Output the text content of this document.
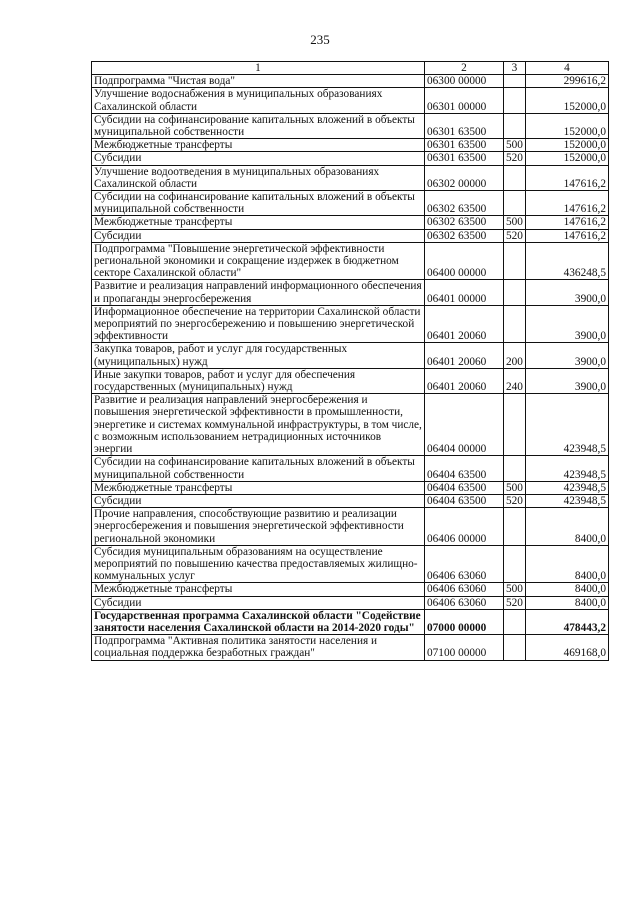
235
1	2	3	4
Подпрограмма "Чистая вода"	06300 00000		299616,2
Улучшение водоснабжения в муниципальных образованиях Сахалинской области	06301 00000		152000,0
Субсидии на софинансирование капитальных вложений в объекты муниципальной собственности	06301 63500		152000,0
Межбюджетные трансферты	06301 63500	500	152000,0
Субсидии	06301 63500	520	152000,0
Улучшение водоотведения в муниципальных образованиях Сахалинской области	06302 00000		147616,2
Субсидии на софинансирование капитальных вложений в объекты муниципальной собственности	06302 63500		147616,2
Межбюджетные трансферты	06302 63500	500	147616,2
Субсидии	06302 63500	520	147616,2
Подпрограмма "Повышение энергетической эффективности региональной экономики и сокращение издержек в бюджетном секторе Сахалинской области"	06400 00000		436248,5
Развитие и реализация направлений информационного обеспечения и пропаганды энергосбережения	06401 00000		3900,0
Информационное обеспечение на территории Сахалинской области мероприятий по энергосбережению и повышению энергетической эффективности	06401 20060		3900,0
Закупка товаров, работ и услуг для государственных (муниципальных) нужд	06401 20060	200	3900,0
Иные закупки товаров, работ и услуг для обеспечения государственных (муниципальных) нужд	06401 20060	240	3900,0
Развитие и реализация направлений энергосбережения и повышения энергетической эффективности в промышленности, энергетике и системах коммунальной инфраструктуры, в том числе, с возможным использованием нетрадиционных источников энергии	06404 00000		423948,5
Субсидии на софинансирование капитальных вложений в объекты муниципальной собственности	06404 63500		423948,5
Межбюджетные трансферты	06404 63500	500	423948,5
Субсидии	06404 63500	520	423948,5
Прочие направления, способствующие развитию и реализации энергосбережения и повышения энергетической эффективности региональной экономики	06406 00000		8400,0
Субсидия муниципальным образованиям на осуществление мероприятий по повышению качества предоставляемых жилищно-коммунальных услуг	06406 63060		8400,0
Межбюджетные трансферты	06406 63060	500	8400,0
Субсидии	06406 63060	520	8400,0
Государственная программа Сахалинской области "Содействие занятости населения Сахалинской области на 2014-2020 годы"	07000 00000		478443,2
Подпрограмма "Активная политика занятости населения и социальная поддержка безработных граждан"	07100 00000		469168,0
